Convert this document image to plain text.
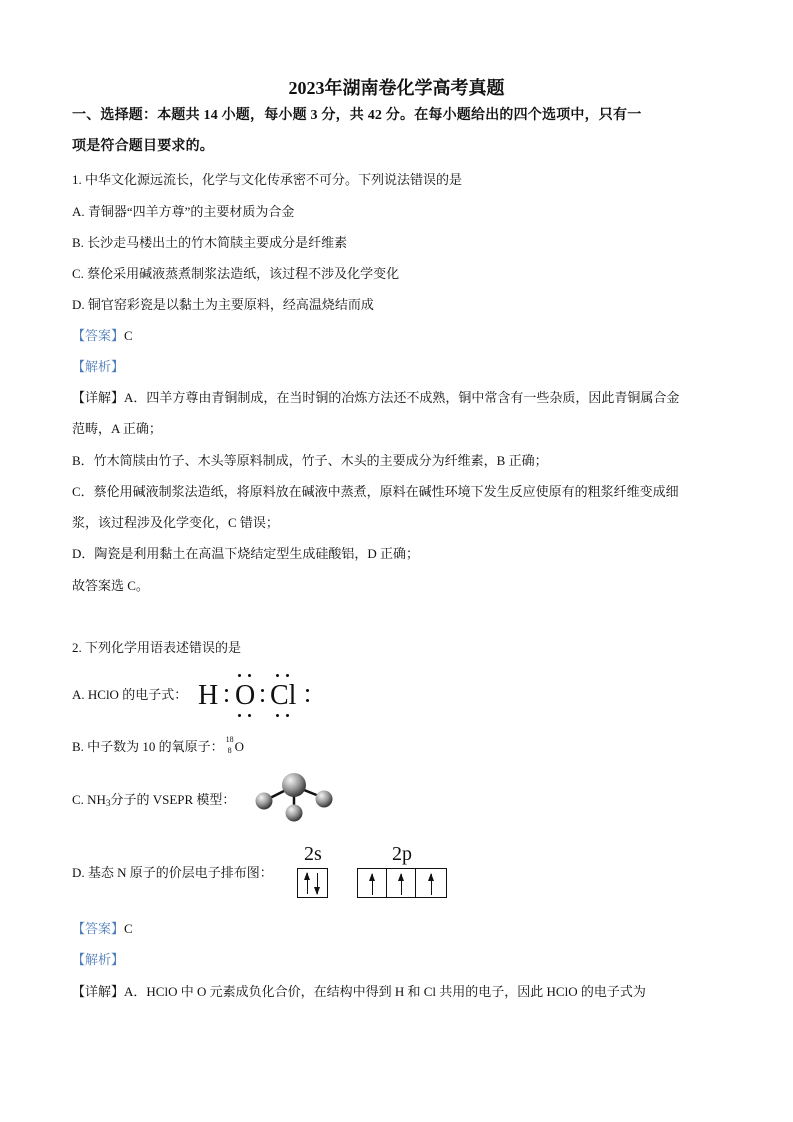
2023年湖南卷化学高考真题
一、选择题：本题共 14 小题，每小题 3 分，共 42 分。在每小题给出的四个选项中，只有一
项是符合题目要求的。
1. 中华文化源远流长，化学与文化传承密不可分。下列说法错误的是
A. 青铜器“四羊方尊”的主要材质为合金
B. 长沙走马楼出土的竹木简牍主要成分是纤维素
C. 蔡伦采用碱液蒸煮制浆法造纸，该过程不涉及化学变化
D. 铜官窑彩瓷是以黏土为主要原料，经高温烧结而成
【答案】C
【解析】
【详解】A．四羊方尊由青铜制成，在当时铜的冶炼方法还不成熟，铜中常含有一些杂质，因此青铜属合金
范畴，A 正确；
B．竹木简牍由竹子、木头等原料制成，竹子、木头的主要成分为纤维素，B 正确；
C．蔡伦用碱液制浆法造纸，将原料放在碱液中蒸煮，原料在碱性环境下发生反应使原有的粗浆纤维变成细
浆，该过程涉及化学变化，C 错误；
D．陶瓷是利用黏土在高温下烧结定型生成硅酸铝，D 正确；
故答案选 C。
2. 下列化学用语表述错误的是
A. HClO 的电子式： H O Cl
B. 中子数为 10 的氧原子： 18
8 O
C. $NH_3$分子的 VSEPR 模型：
D. 基态 N 原子的价层电子排布图：
2s	2p
【答案】C
【解析】
【详解】A．HClO 中 O 元素成负化合价，在结构中得到 H 和 Cl 共用的电子，因此 HClO 的电子式为
